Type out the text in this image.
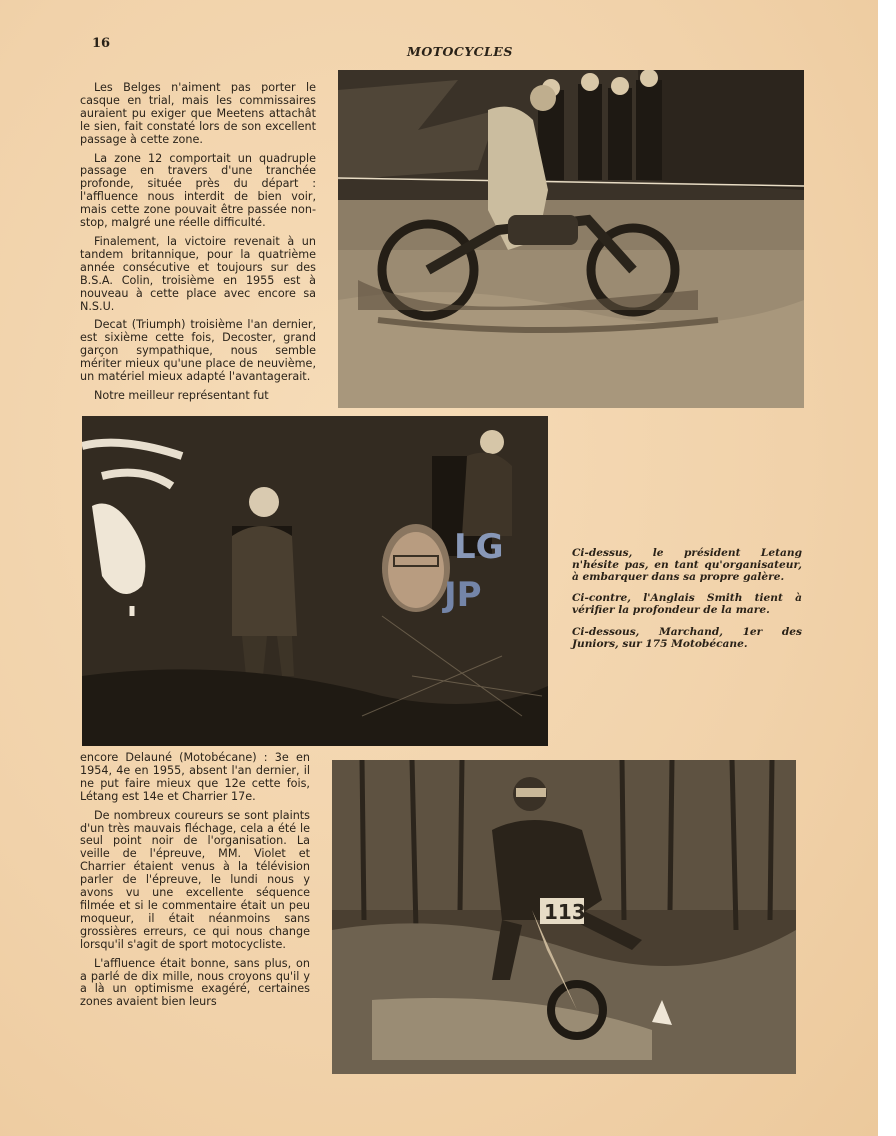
16
MOTOCYCLES

Les Belges n'aiment pas porter le casque en trial, mais les commissaires auraient pu exiger que Meetens attachât le sien, fait constaté lors de son excellent passage à cette zone.

La zone 12 comportait un quadruple passage en travers d'une tranchée profonde, située près du départ : l'affluence nous interdit de bien voir, mais cette zone pouvait être passée non-stop, malgré une réelle difficulté.

Finalement, la victoire revenait à un tandem britannique, pour la quatrième année consécutive et toujours sur des B.S.A. Colin, troisième en 1955 est à nouveau à cette place avec encore sa N.S.U.

Decat (Triumph) troisième l'an dernier, est sixième cette fois, Decoster, grand garçon sympathique, nous semble mériter mieux qu'une place de neuvième, un matériel mieux adapté l'avantagerait.

Notre meilleur représentant fut

LG
JP

Ci-dessus, le président Letang n'hésite pas, en tant qu'organisateur, à embarquer dans sa propre galère.

Ci-contre, l'Anglais Smith tient à vérifier la profondeur de la mare.

Ci-dessous, Marchand, 1er des Juniors, sur 175 Motobécane.

encore Delauné (Motobécane) : 3e en 1954, 4e en 1955, absent l'an dernier, il ne put faire mieux que 12e cette fois, Létang est 14e et Charrier 17e.

De nombreux coureurs se sont plaints d'un très mauvais fléchage, cela a été le seul point noir de l'organisation. La veille de l'épreuve, MM. Violet et Charrier étaient venus à la télévision parler de l'épreuve, le lundi nous y avons vu une excellente séquence filmée et si le commentaire était un peu moqueur, il était néanmoins sans grossières erreurs, ce qui nous change lorsqu'il s'agit de sport motocycliste.

L'affluence était bonne, sans plus, on a parlé de dix mille, nous croyons qu'il y a là un optimisme exagéré, certaines zones avaient bien leurs

113
